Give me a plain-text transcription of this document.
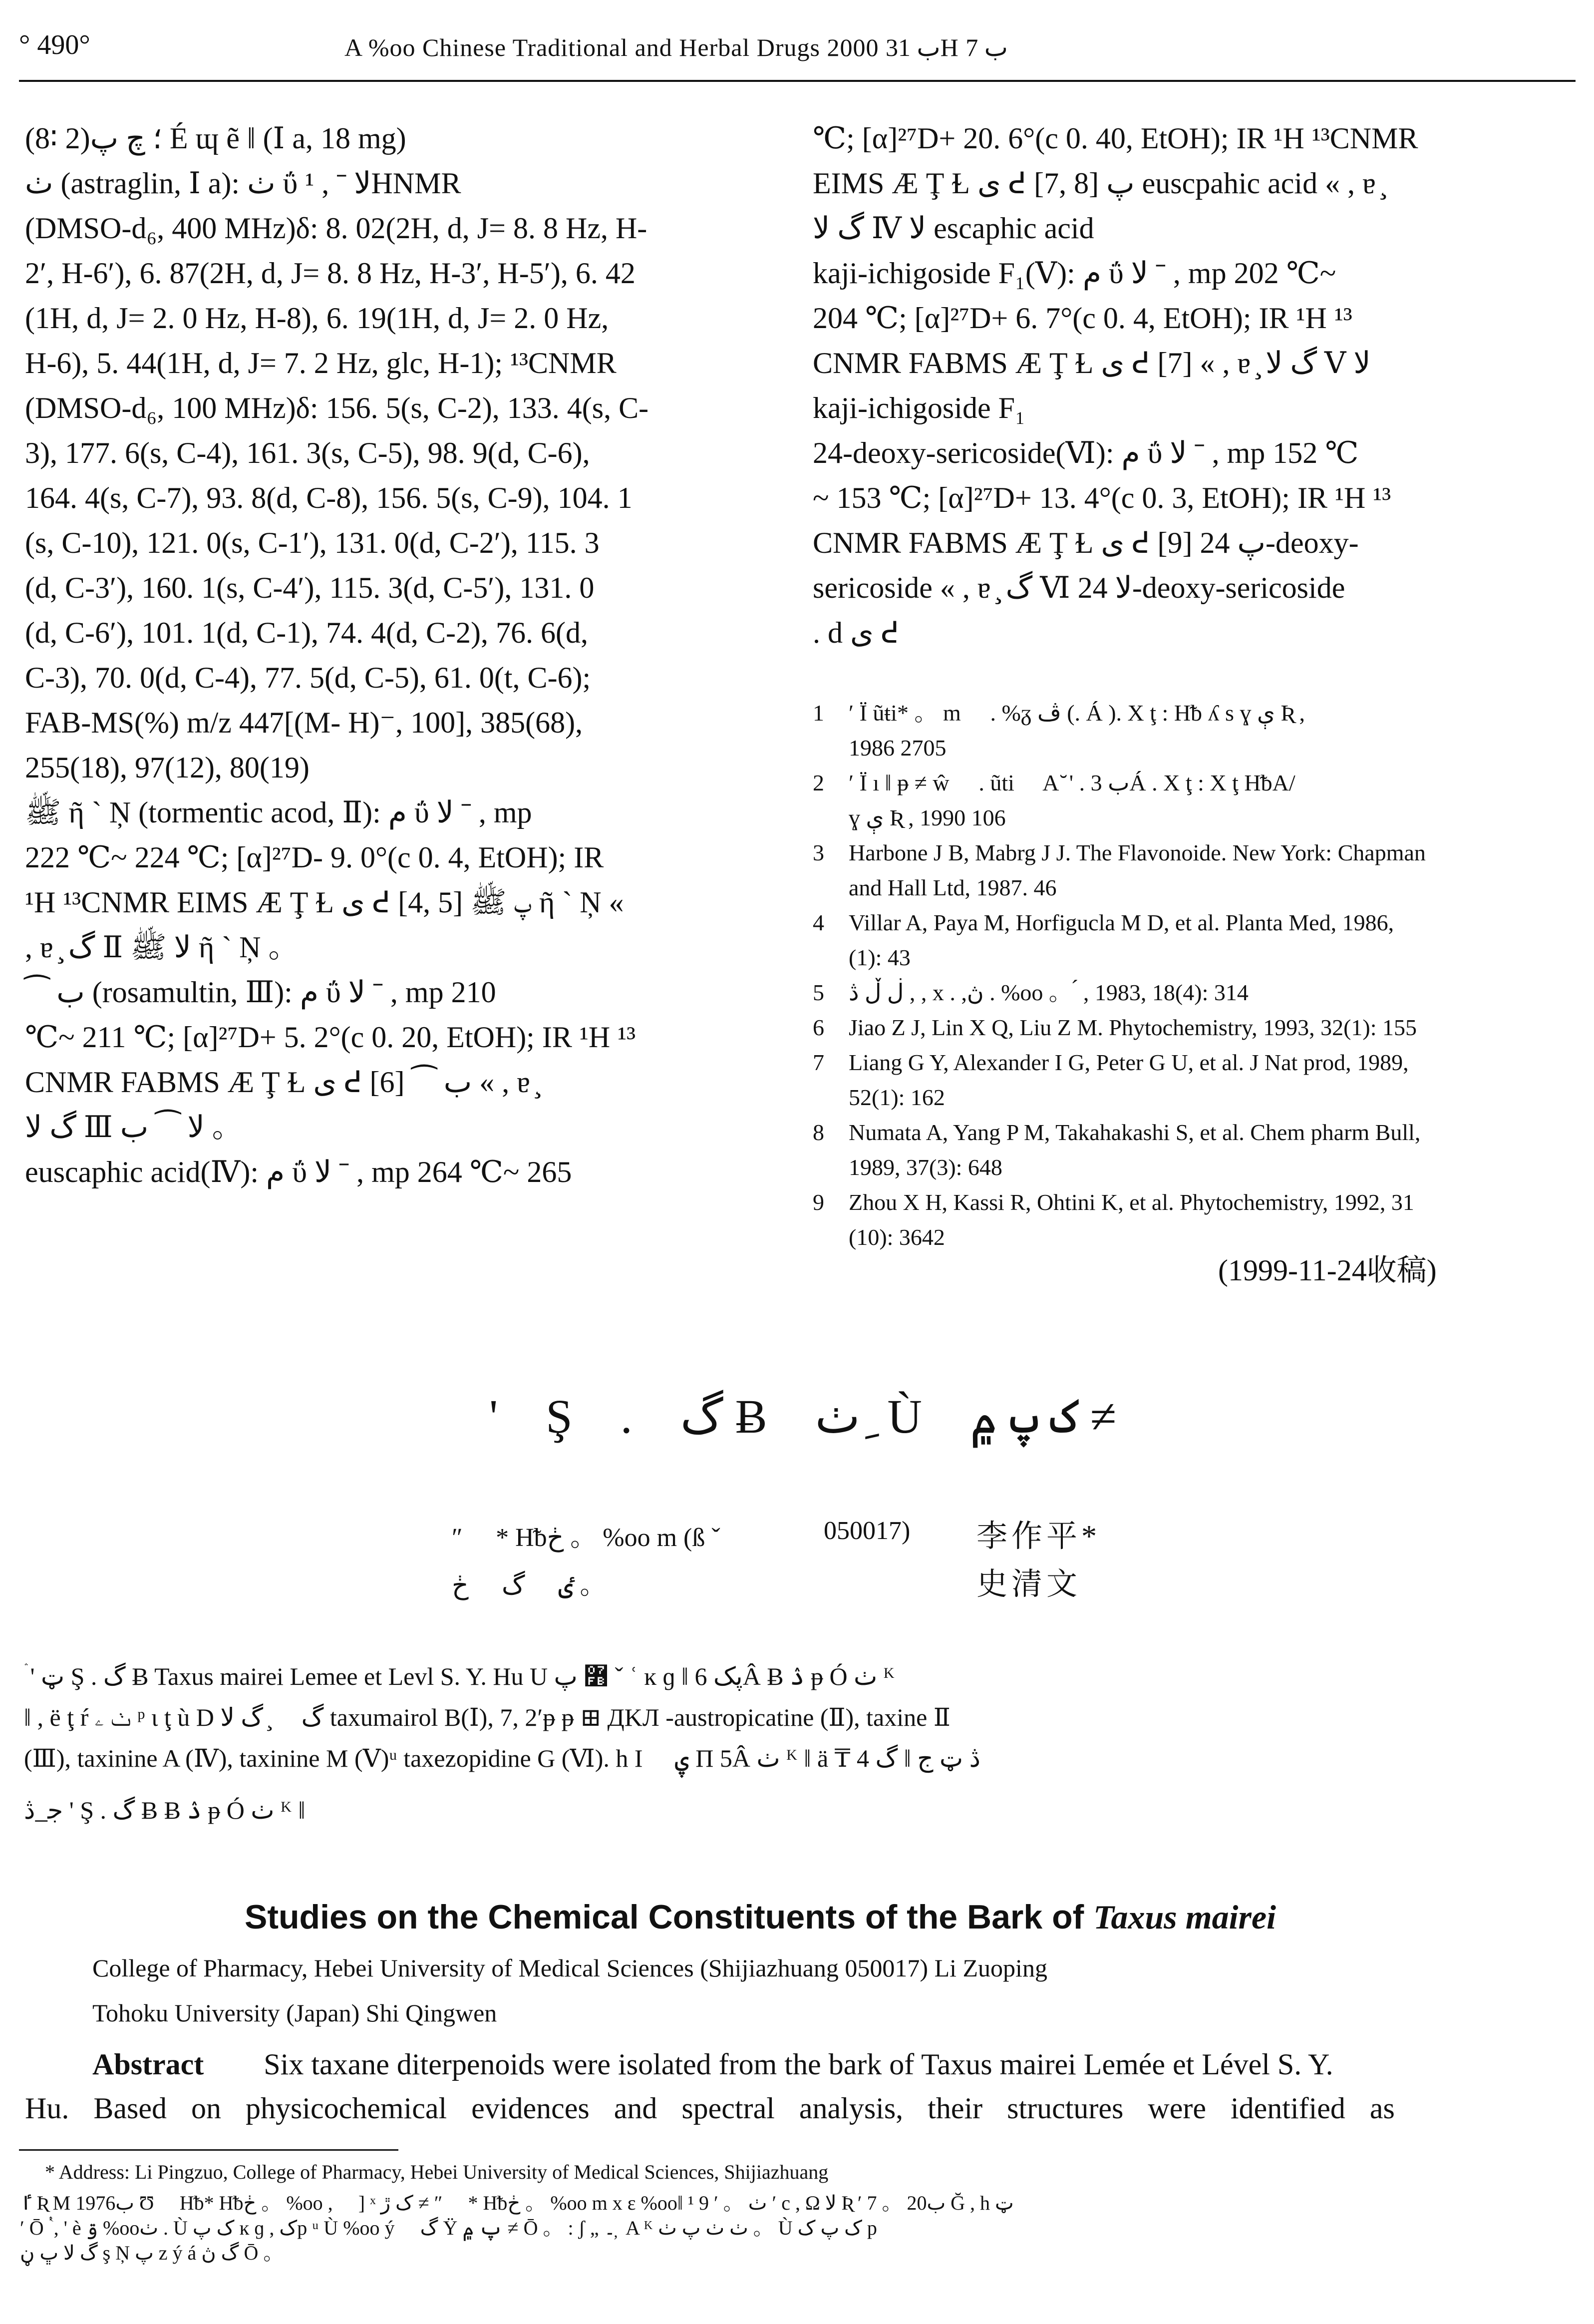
° 490°	A %oo Chinese Traditional and Herbal Drugs 2000 ب 31H ب 7

(8∶ 2)؛ چ پ É ɰ ẽ ‖ (Ⅰ a, 18 mg)

ٺ (astraglin, Ⅰ a): ٺ ΰ ﻻ ˉ , ¹HNMR

(DMSO-d₆, 400 MHz)δ: 8. 02(2H, d, J= 8. 8 Hz, H-

2′, H-6′), 6. 87(2H, d, J= 8. 8 Hz, H-3′, H-5′), 6. 42

(1H, d, J= 2. 0 Hz, H-8), 6. 19(1H, d, J= 2. 0 Hz,

H-6), 5. 44(1H, d, J= 7. 2 Hz, glc, H-1); ¹³CNMR

(DMSO-d₆, 100 MHz)δ: 156. 5(s, C-2), 133. 4(s, C-

3), 177. 6(s, C-4), 161. 3(s, C-5), 98. 9(d, C-6),

164. 4(s, C-7), 93. 8(d, C-8), 156. 5(s, C-9), 104. 1

(s, C-10), 121. 0(s, C-1′), 131. 0(d, C-2′), 115. 3

(d, C-3′), 160. 1(s, C-4′), 115. 3(d, C-5′), 131. 0

(d, C-6′), 101. 1(d, C-1), 74. 4(d, C-2), 76. 6(d,

C-3), 70. 0(d, C-4), 77. 5(d, C-5), 61. 0(t, C-6);

FAB-MS(%) m/z 447[(M- H)⁻, 100], 385(68),

255(18), 97(12), 80(19)

ﷺ ῆ ` Ņ (tormentic acod, Ⅱ): م ΰ ﻻ ˉ , mp

222 ℃~ 224 ℃; [α]²⁷D- 9. 0°(c 0. 4, EtOH); IR

¹H ¹³CNMR EIMS Æ Ţ Ɫ ی ᕍ [4, 5] پ ﷺ ῆ ` Ņ «

, ɐ ̧ گ Ⅱ ﻻ ﷺ ῆ ` Ņ 。

⁀ ب (rosamultin, Ⅲ): م ΰ ﻻ ˉ , mp 210

℃~ 211 ℃; [α]²⁷D+ 5. 2°(c 0. 20, EtOH); IR ¹H ¹³

CNMR FABMS Æ Ţ Ɫ ی ᕍ [6] ⁀ ب « , ɐ ̧

گ ﻻ Ⅲ ﻻ ⁀ ب 。

euscaphic acid(Ⅳ): م ΰ ﻻ ˉ , mp 264 ℃~ 265

℃; [α]²⁷D+ 20. 6°(c 0. 40, EtOH); IR ¹H ¹³CNMR

EIMS Æ Ţ Ɫ ی ᕍ [7, 8] پ euscpahic acid « , ɐ ̧

گ ﻻ Ⅳ ﻻ escaphic acid

kaji-ichigoside F₁(Ⅴ): م ΰ ﻻ ˉ , mp 202 ℃~

204 ℃; [α]²⁷D+ 6. 7°(c 0. 4, EtOH); IR ¹H ¹³

CNMR FABMS Æ Ţ Ɫ ی ᕍ [7] « , ɐ ̧ گ ﻻ Ⅴ ﻻ

kaji-ichigoside F₁

24-deoxy-sericoside(Ⅵ): م ΰ ﻻ ˉ , mp 152 ℃

~ 153 ℃; [α]²⁷D+ 13. 4°(c 0. 3, EtOH); IR ¹H ¹³

CNMR FABMS Æ Ţ Ɫ ی ᕍ [9] پ 24-deoxy-

sericoside « , ɐ ̧ گ Ⅵ ﻻ 24-deoxy-sericoside

. d ی ᕍ

1 ′ Ï ũŧi* 。 m ⃞ . %ᵹ ڤ (. Á ). Χ ţ : Hᵬ ʎ s ɣ ې Ʀ ,
1986 2705
2 ′ Ï ı ‖ ᵽ ≠ ŵ ⃞ . ũti ⃞ A ̆ ' . ب 3Á . Χ ţ : Χ ţ HᵬA/
ɣ ې Ʀ , 1990 106
3 Harbone J B, Mabrg J J. The Flavonoide. New York: Chapman
and Hall Ltd, 1987. 46
4 Villar A, Paya M, Horfigucla M D, et al. Planta Med, 1986,
(1): 43
5 ڶ ڵ ڎ , , x . ,ڽ . %oo 。 ́ , 1983, 18(4): 314
6 Jiao Z J, Lin X Q, Liu Z M. Phytochemistry, 1993, 32(1): 155
7 Liang G Y, Alexander I G, Peter G U, et al. J Nat prod, 1989,
52(1): 162
8 Numata A, Yang P M, Takahakashi S, et al. Chem pharm Bull,
1989, 37(3): 648
9 Zhou X H, Kassi R, Ohtini K, et al. Phytochemistry, 1992, 31
(10): 3642
(1999-11-24收稿)
' Ş . گ Ƀ ٺ ِ Ù ک پ ۾ ≠
″ ⃞ * Hᵬڂ 。 %oo m (ß ˇ	050017) 李作平*
ٸ ⃞ گ ⃞ ڂ 。	史清文
ۛ ' ټ Ş . گ Ƀ Taxus mairei Lemee et Levl S. Y. Hu U ߻ پ ˇ ʿ ĸ ɡ ‖ پک 6Â Ƀ ۮ ᵽ Ó ٺ ᴷ
‖ , ë ţ ŕ ٺ ۦ ᵖ ι ţ ù D گ ⃞ ̧ گ ﻻ taxumairol B(Ⅰ), 7, 2′ᵽ ᵽ ⊞ ДKЛ -austropicatine (Ⅱ), taxine Ⅱ
(Ⅲ), taxinine A (Ⅳ), taxinine M (Ⅴ)ᵘ taxezopidine G (Ⅵ). h I ⃞ ۑ Π 5Â ٺ ᴷ ‖ ä ₸ 4 ڎ ټ ج ‖ گ
ﺟ ̲ ڎ ' Ş . گ Ƀ Ƀ ۮ ᵽ Ó ٺ ᴷ ‖
Studies on the Chemical Constituents of the Bark of Taxus mairei
College of Pharmacy, Hebei University of Medical Sciences (Shijiazhuang 050017) Li Zuoping
Tohoku University (Japan) Shi Qingwen
Abstract Six taxane diterpenoids were isolated from the bark of Taxus mairei Lemée et Lével S. Y.
Hu. Based on physicochemical evidences and spectral analysis, their structures were identified as
* Address: Li Pingzuo, College of Pharmacy, Hebei University of Medical Sciences, Shijiazhuang
ٵ Ʀ M 1976ب Ʊ ⃞ Hᵬ* Hᵬڂ 。 %oo , ⃞ ] ˣ ک ڙ ≠ ″ ⃞ * Hᵬڂ 。 %oo m x ε %oo‖ ٺ 。 ′ 9 ¹ ′ c , Ω ﻻ Ʀ ′ 7 。 20ب Ğ , h ټ
′ Ō ٝ , ' è ۊ %ooٺ . Ù ک پ ĸ ɡ , کp ᵘ Ù %oo ý ⃞ گ Ÿ پ ۾ ≠ Ō 。 : ʃ „ ۔ ̦ A ᴷ ٺ ٺ پ ٺ 。 Ù ک پ ک p
گ ﻻ ڀ ڼ ş Ņ پ z ý á گ ڽ Ō 。
